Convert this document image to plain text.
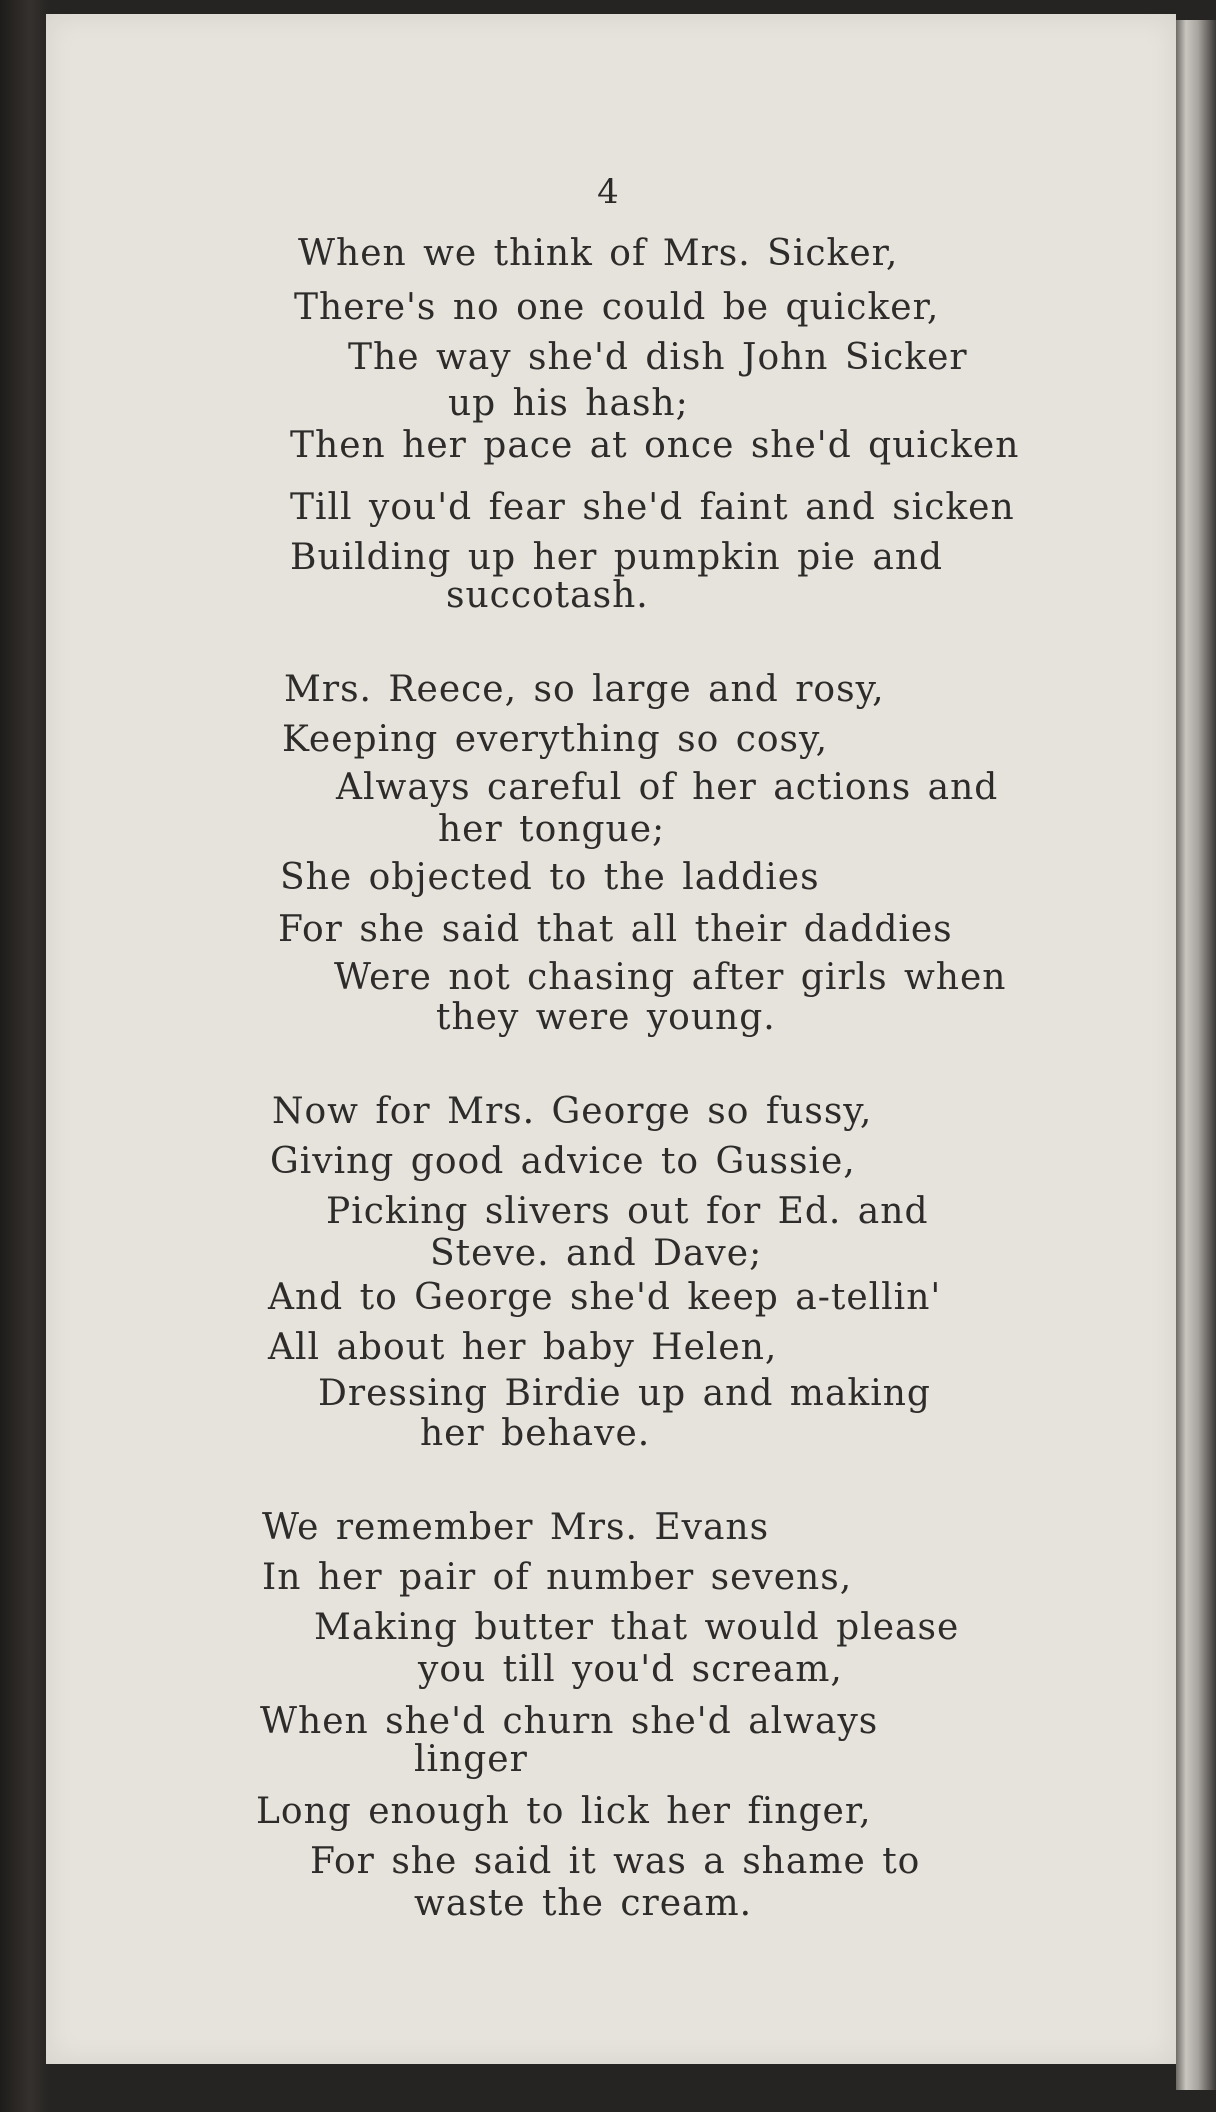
4
When we think of Mrs. Sicker,
There's no one could be quicker,
The way she'd dish John Sicker
up his hash;
Then her pace at once she'd quicken
Till you'd fear she'd faint and sicken
Building up her pumpkin pie and
succotash.
Mrs. Reece, so large and rosy,
Keeping everything so cosy,
Always careful of her actions and
her tongue;
She objected to the laddies
For she said that all their daddies
Were not chasing after girls when
they were young.
Now for Mrs. George so fussy,
Giving good advice to Gussie,
Picking slivers out for Ed. and
Steve. and Dave;
And to George she'd keep a-tellin'
All about her baby Helen,
Dressing Birdie up and making
her behave.
We remember Mrs. Evans
In her pair of number sevens,
Making butter that would please
you till you'd scream,
When she'd churn she'd always
linger
Long enough to lick her finger,
For she said it was a shame to
waste the cream.
